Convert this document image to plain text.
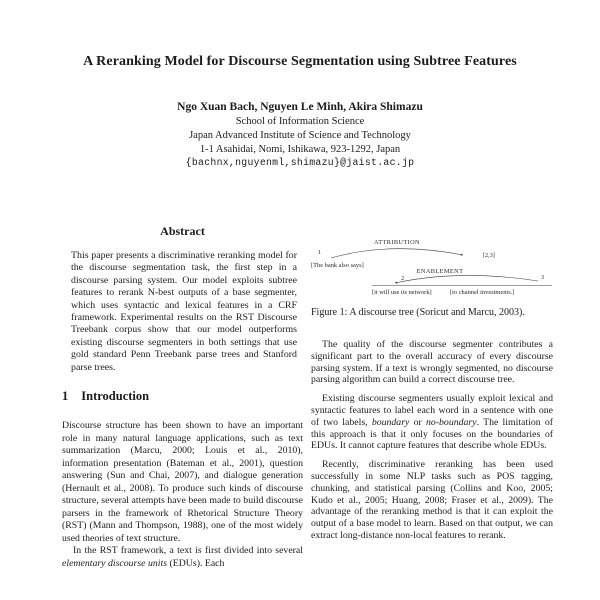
A Reranking Model for Discourse Segmentation using Subtree Features
Ngo Xuan Bach, Nguyen Le Minh, Akira Shimazu
School of Information Science
Japan Advanced Institute of Science and Technology
1-1 Asahidai, Nomi, Ishikawa, 923-1292, Japan
{bachnx,nguyenml,shimazu}@jaist.ac.jp
Abstract

This paper presents a discriminative reranking model for the discourse segmentation task, the first step in a discourse parsing system. Our model exploits subtree features to rerank N-best outputs of a base segmenter, which uses syntactic and lexical features in a CRF framework. Experimental results on the RST Discourse Treebank corpus show that our model outperforms existing discourse segmenters in both settings that use gold standard Penn Treebank parse trees and Stanford parse trees.

1 Introduction

Discourse structure has been shown to have an important role in many natural language applications, such as text summarization (Marcu, 2000; Louis et al., 2010), information presentation (Bateman et al., 2001), question answering (Sun and Chai, 2007), and dialogue generation (Hernault et al., 2008). To produce such kinds of discourse structure, several attempts have been made to build discourse parsers in the framework of Rhetorical Structure Theory (RST) (Mann and Thompson, 1988), one of the most widely used theories of text structure.

In the RST framework, a text is first divided into several elementary discourse units (EDUs). Each

ATTRIBUTION
1
[The bank also says]
[2,3]
ENABLEMENT
2	3
[it will use its network]	[to channel investments.]
Figure 1: A discourse tree (Soricut and Marcu, 2003).

The quality of the discourse segmenter contributes a significant part to the overall accuracy of every discourse parsing system. If a text is wrongly segmented, no discourse parsing algorithm can build a correct discourse tree.

Existing discourse segmenters usually exploit lexical and syntactic features to label each word in a sentence with one of two labels, boundary or no-boundary. The limitation of this approach is that it only focuses on the boundaries of EDUs. It cannot capture features that describe whole EDUs.

Recently, discriminative reranking has been used successfully in some NLP tasks such as POS tagging, chunking, and statistical parsing (Collins and Koo, 2005; Kudo et al., 2005; Huang, 2008; Fraser et al., 2009). The advantage of the reranking method is that it can exploit the output of a base model to learn. Based on that output, we can extract long-distance non-local features to rerank.
